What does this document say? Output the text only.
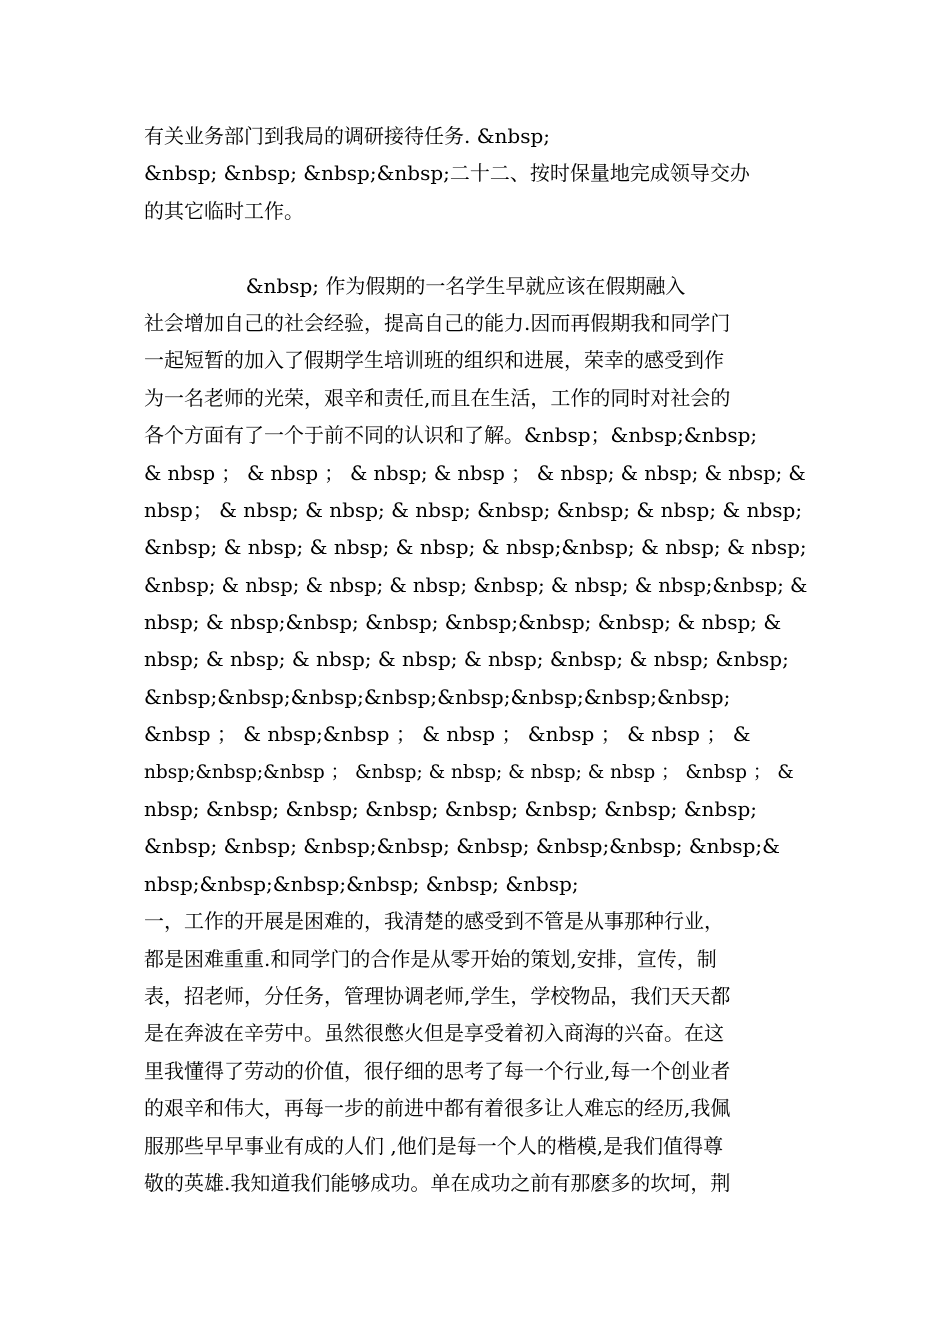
有关业务部门到我局的调研接待任务. &nbsp;
&nbsp; &nbsp; &nbsp;&nbsp;二十二、按时保量地完成领导交办
的其它临时工作。
&nbsp; 作为假期的一名学生早就应该在假期融入
社会增加自己的社会经验，提高自己的能力.因而再假期我和同学门
一起短暂的加入了假期学生培训班的组织和进展，荣幸的感受到作
为一名老师的光荣，艰辛和责任,而且在生活，工作的同时对社会的
各个方面有了一个于前不同的认识和了解。&nbsp；&nbsp;&nbsp;
& nbsp ； & nbsp ； & nbsp; & nbsp ； & nbsp; & nbsp; & nbsp; &
nbsp； & nbsp; & nbsp; & nbsp; &nbsp; &nbsp; & nbsp; & nbsp;
&nbsp; & nbsp; & nbsp; & nbsp; & nbsp;&nbsp; & nbsp; & nbsp;
&nbsp; & nbsp; & nbsp; & nbsp; &nbsp; & nbsp; & nbsp;&nbsp; &
nbsp; & nbsp;&nbsp; &nbsp; &nbsp;&nbsp; &nbsp; & nbsp; &
nbsp; & nbsp; & nbsp; & nbsp; & nbsp; &nbsp; & nbsp; &nbsp;
&nbsp;&nbsp;&nbsp;&nbsp;&nbsp;&nbsp;&nbsp;&nbsp;
&nbsp ； & nbsp;&nbsp ； & nbsp ； &nbsp ； & nbsp ； &
nbsp;&nbsp;&nbsp ； &nbsp; & nbsp; & nbsp; & nbsp ； &nbsp ； &
nbsp; &nbsp; &nbsp; &nbsp; &nbsp; &nbsp; &nbsp; &nbsp;
&nbsp; &nbsp; &nbsp;&nbsp; &nbsp; &nbsp;&nbsp; &nbsp;&
nbsp;&nbsp;&nbsp;&nbsp; &nbsp; &nbsp;
一，工作的开展是困难的，我清楚的感受到不管是从事那种行业，
都是困难重重.和同学门的合作是从零开始的策划,安排，宣传，制
表，招老师，分任务，管理协调老师,学生，学校物品，我们天天都
是在奔波在辛劳中。虽然很憋火但是享受着初入商海的兴奋。在这
里我懂得了劳动的价值，很仔细的思考了每一个行业,每一个创业者
的艰辛和伟大，再每一步的前进中都有着很多让人难忘的经历,我佩
服那些早早事业有成的人们 ,他们是每一个人的楷模,是我们值得尊
敬的英雄.我知道我们能够成功。单在成功之前有那麽多的坎坷，荆
